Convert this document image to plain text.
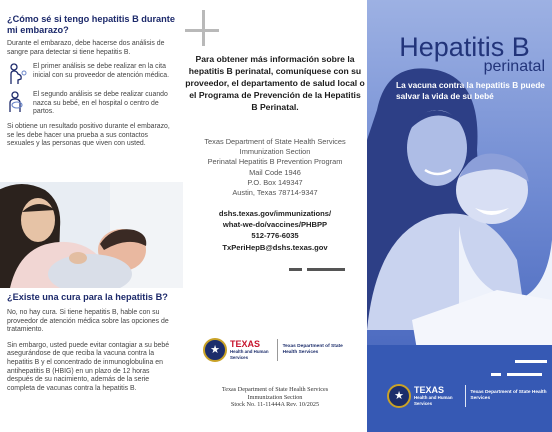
¿Cómo sé si tengo hepatitis B durante mi embarazo?

Durante el embarazo, debe hacerse dos análisis de sangre para detectar si tiene hepatitis B.

El primer análisis se debe realizar en la cita inicial con su proveedor de atención médica.

El segundo análisis se debe realizar cuando nazca su bebé, en el hospital o centro de partos.

Si obtiene un resultado positivo durante el embarazo, se les debe hacer una prueba a sus contactos sexuales y las personas que viven con usted.

¿Existe una cura para la hepatitis B?

No, no hay cura. Si tiene hepatitis B, hable con su proveedor de atención médica sobre las opciones de tratamiento.

Sin embargo, usted puede evitar contagiar a su bebé asegurándose de que reciba la vacuna contra la hepatitis B y el concentrado de inmunoglobulina en antihepatitis B (HBIG) en un plazo de 12 horas después de su nacimiento, además de la serie completa de vacunas contra la hepatitis B.

Para obtener más información sobre la hepatitis B perinatal, comuníquese con su proveedor, el departamento de salud local o el Programa de Prevención de la Hepatitis B Perinatal.

Texas Department of State Health Services
Immunization Section
Perinatal Hepatitis B Prevention Program
Mail Code 1946
P.O. Box 149347
Austin, Texas 78714-9347
dshs.texas.gov/immunizations/
what-we-do/vaccines/PHBPP
512-776-6035
TxPeriHepB@dshs.texas.gov
★
TEXAS
Health and Human Services
Texas Department of State Health Services
Texas Department of State Health Services
Immunization Section
Stock No. 11-11444A Rev. 10/2025
Hepatitis B
perinatal
La vacuna contra la hepatitis B puede salvar la vida de su bebé
★
TEXAS
Health and Human Services
Texas Department of State Health Services
